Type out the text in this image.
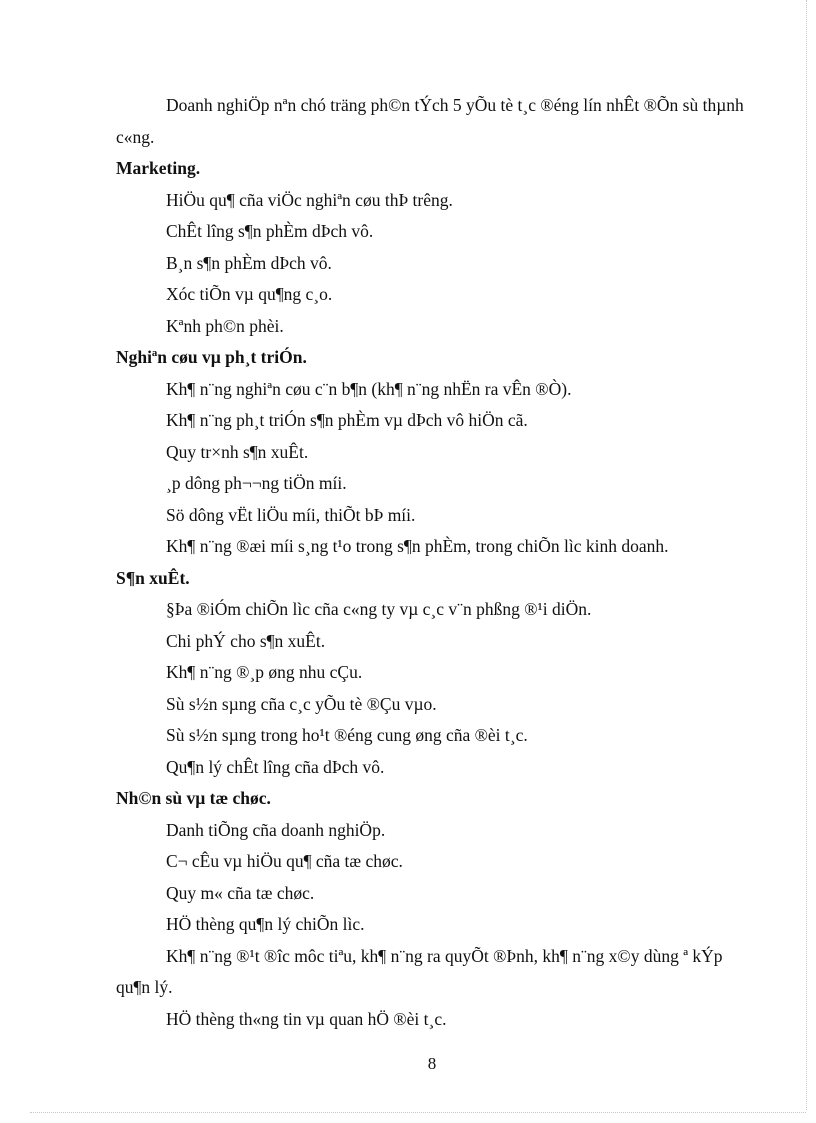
Doanh nghiÖp nªn chó träng ph©n tÝch 5 yÕu tè t¸c ®éng lín nhÊt ®Õn sù thµnh c«ng.

Marketing.

HiÖu qu¶ cña viÖc nghiªn cøu thÞ trêng.

ChÊt lîng s¶n phÈm dÞch vô.

B¸n s¶n phÈm dÞch vô.

Xóc tiÕn vµ qu¶ng c¸o.

Kªnh ph©n phèi.

Nghiªn cøu vµ ph¸t triÓn.

Kh¶ n¨ng nghiªn cøu c¨n b¶n (kh¶ n¨ng nhËn ra vÊn ®Ò).

Kh¶ n¨ng ph¸t triÓn s¶n phÈm vµ dÞch vô hiÖn cã.

Quy tr×nh s¶n xuÊt.

¸p dông ph¬¬ng tiÖn míi.

Sö dông vËt liÖu míi, thiÕt bÞ míi.

Kh¶ n¨ng ®æi míi s¸ng t¹o trong s¶n phÈm, trong chiÕn lìc kinh doanh.

S¶n xuÊt.

§Þa ®iÓm chiÕn lìc cña c«ng ty vµ c¸c v¨n phßng ®¹i diÖn.

Chi phÝ cho s¶n xuÊt.

Kh¶ n¨ng ®¸p øng nhu cÇu.

Sù s½n sµng cña c¸c yÕu tè ®Çu vµo.

Sù s½n sµng trong ho¹t ®éng cung øng cña ®èi t¸c.

Qu¶n lý chÊt lîng cña dÞch vô.

Nh©n sù vµ tæ chøc.

Danh tiÕng cña doanh nghiÖp.

C¬ cÊu vµ hiÖu qu¶ cña tæ chøc.

Quy m« cña tæ chøc.

HÖ thèng qu¶n lý chiÕn lìc.

Kh¶ n¨ng ®¹t ®îc môc tiªu, kh¶ n¨ng ra quyÕt ®Þnh, kh¶ n¨ng x©y dùng ª kÝp qu¶n lý.

HÖ thèng th«ng tin vµ quan hÖ ®èi t¸c.

8
